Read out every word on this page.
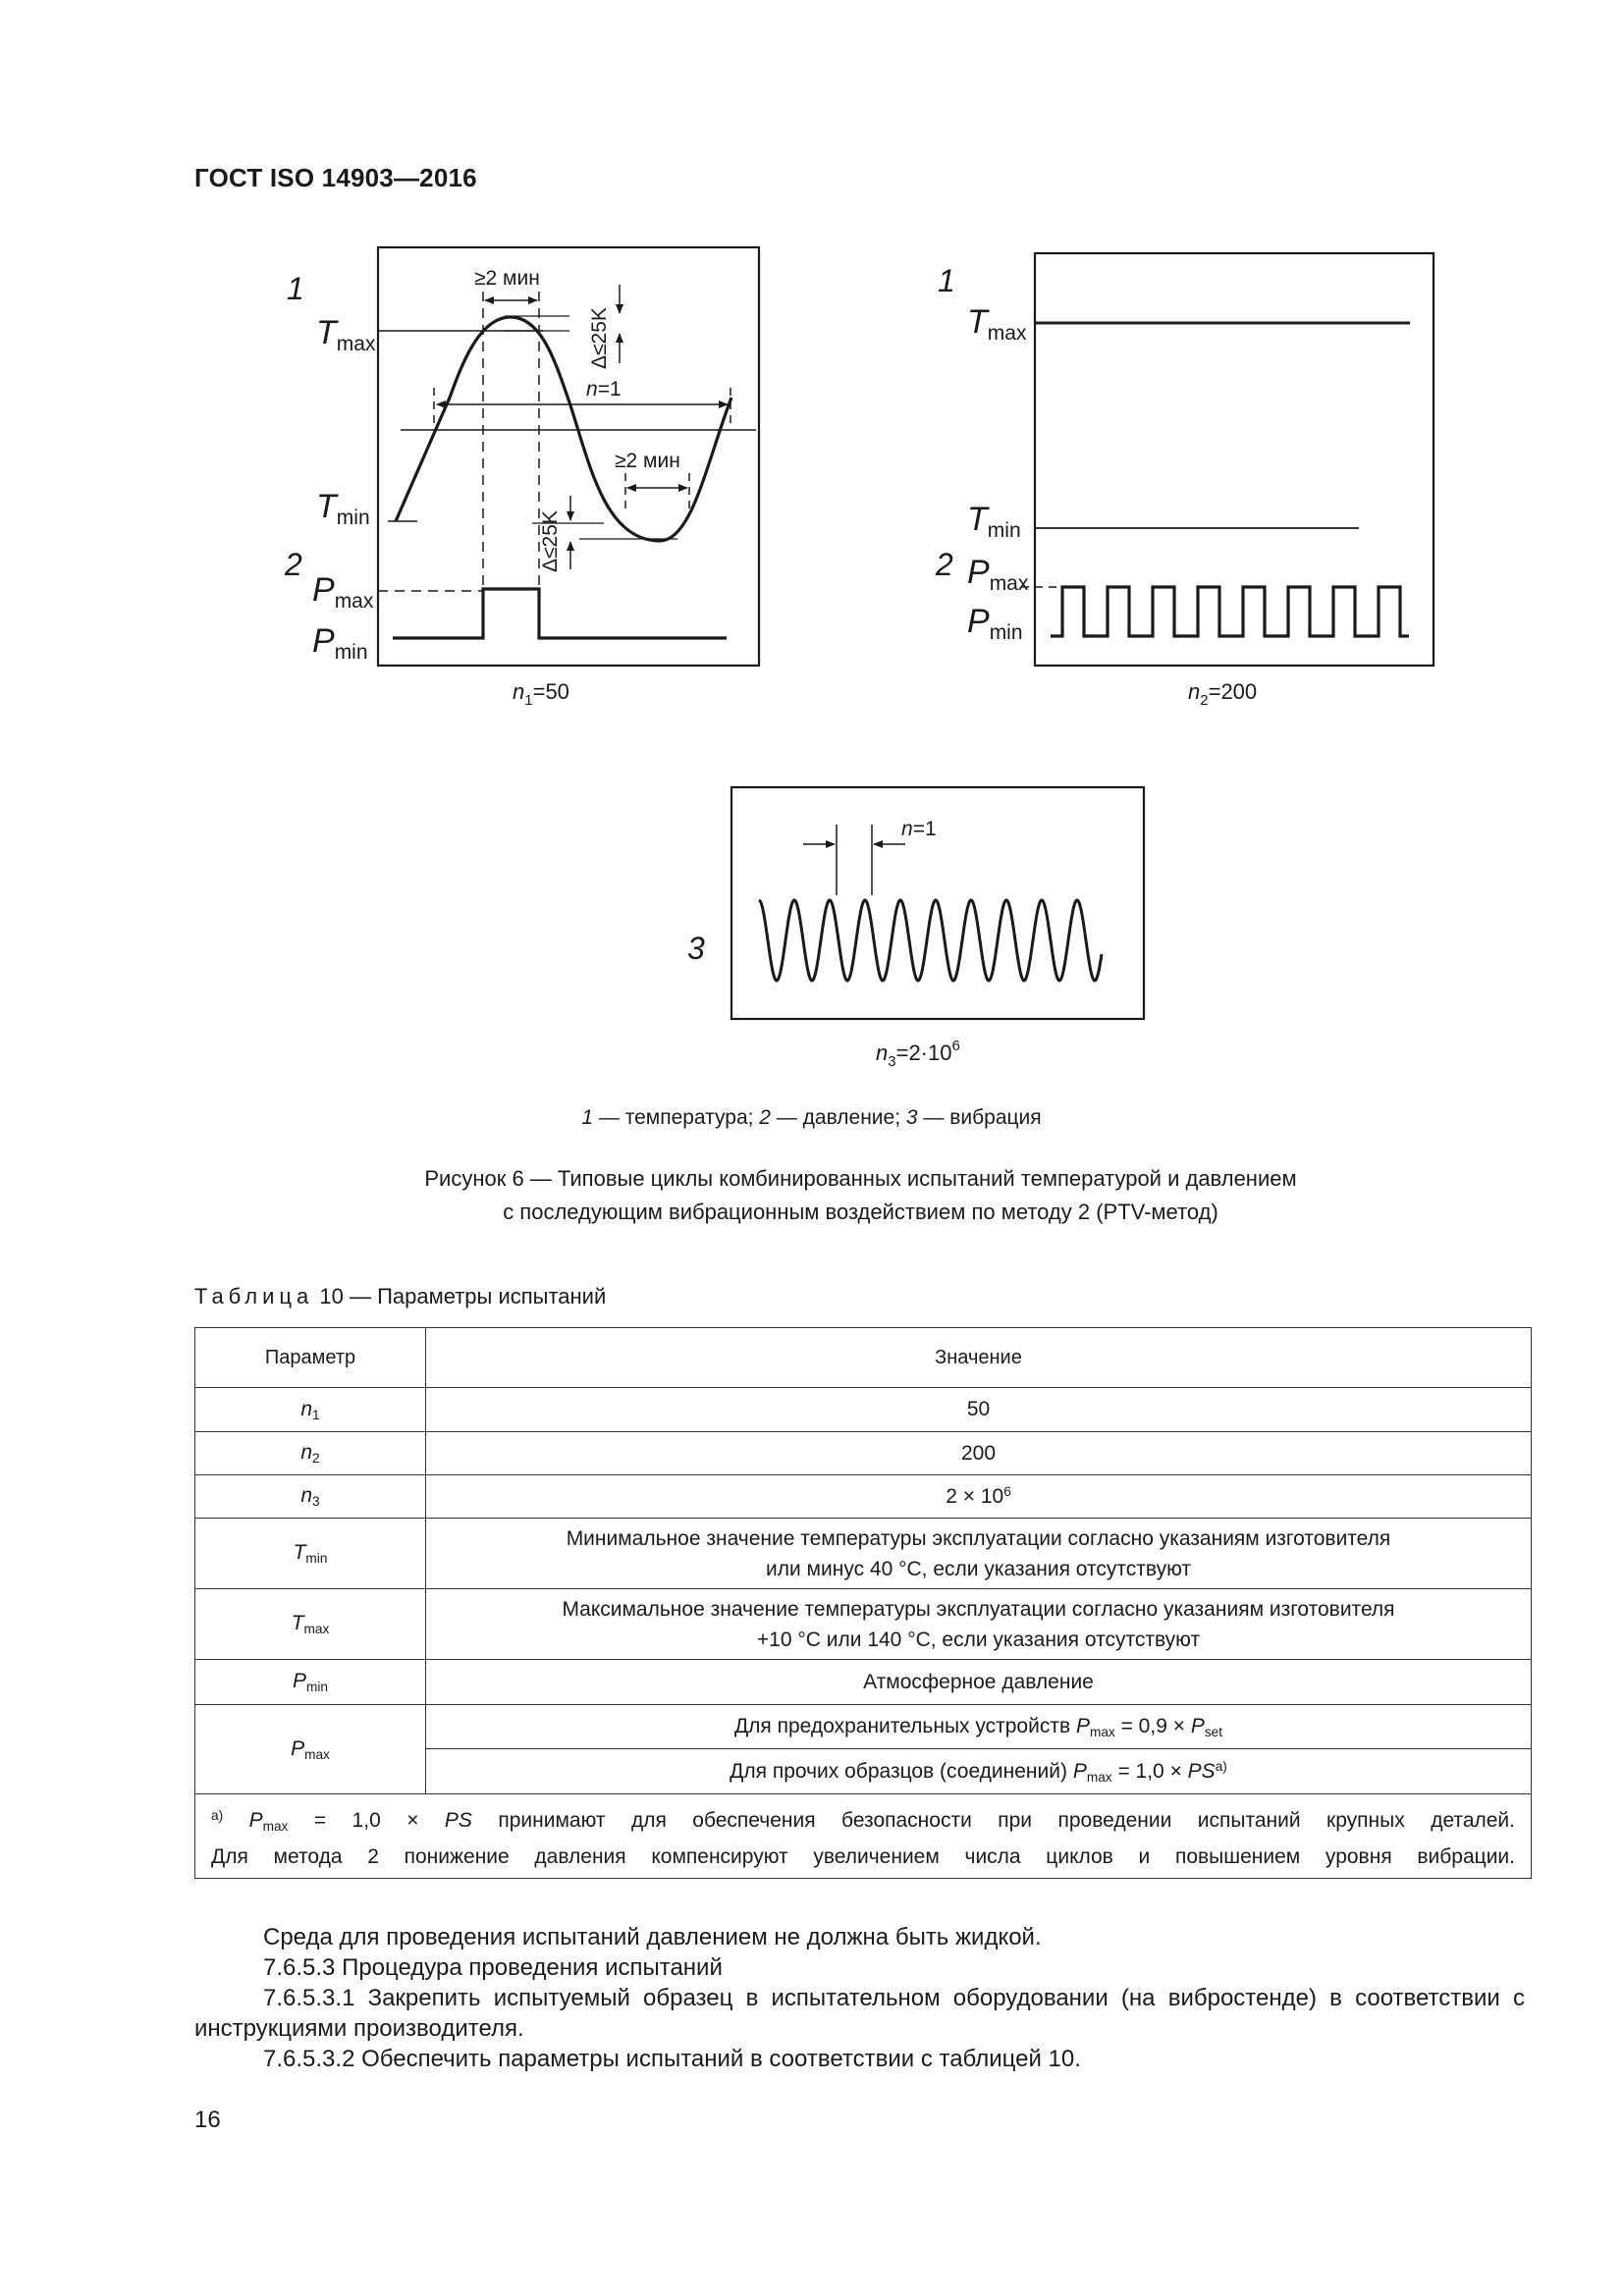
ГОСТ ISO 14903—2016
1
$T_{max}$
$T_{min}$
2
$P_{max}$
$P_{min}$
≥2 мин
≥2 мин
Δ≤25K
Δ≤25K
n=1
$n_1=50$
1
$T_{max}$
$T_{min}$
2 $P_{max}$
$P_{min}$
$n_2=200$
3
n=1
$n_3=2\cdot 10^6$
1 — температура; 2 — давление; 3 — вибрация
Рисунок 6 — Типовые циклы комбинированных испытаний температурой и давлением
с последующим вибрационным воздействием по методу 2 (PTV-метод)
Таблица 10 — Параметры испытаний
Параметр	Значение
$n_1$	50
$n_2$	200
$n_3$	$2 \times 10^6$
$T_{min}$	Минимальное значение температуры эксплуатации согласно указаниям изготовителя
или минус 40 °С, если указания отсутствуют

$T_{max}$	Максимальное значение температуры эксплуатации согласно указаниям изготовителя
+10 °С или 140 °С, если указания отсутствуют

$P_{min}$	Атмосферное давление
$P_{max}$	Для предохранительных устройств $P_{max} = 0,9 \times P_{set}$
	Для прочих образцов (соединений) $P_{max} = 1,0 \times PS^{а)}$

$^{а)}$ $P_{max} = 1,0$ × PS принимают для обеспечения безопасности при проведении испытаний крупных деталей.
Для метода 2 понижение давления компенсируют увеличением числа циклов и повышением уровня вибрации.	
Среда для проведения испытаний давлением не должна быть жидкой.
7.6.5.3 Процедура проведения испытаний
7.6.5.3.1 Закрепить испытуемый образец в испытательном оборудовании (на вибростенде) в соответствии с инструкциями производителя.
7.6.5.3.2 Обеспечить параметры испытаний в соответствии с таблицей 10.
16
